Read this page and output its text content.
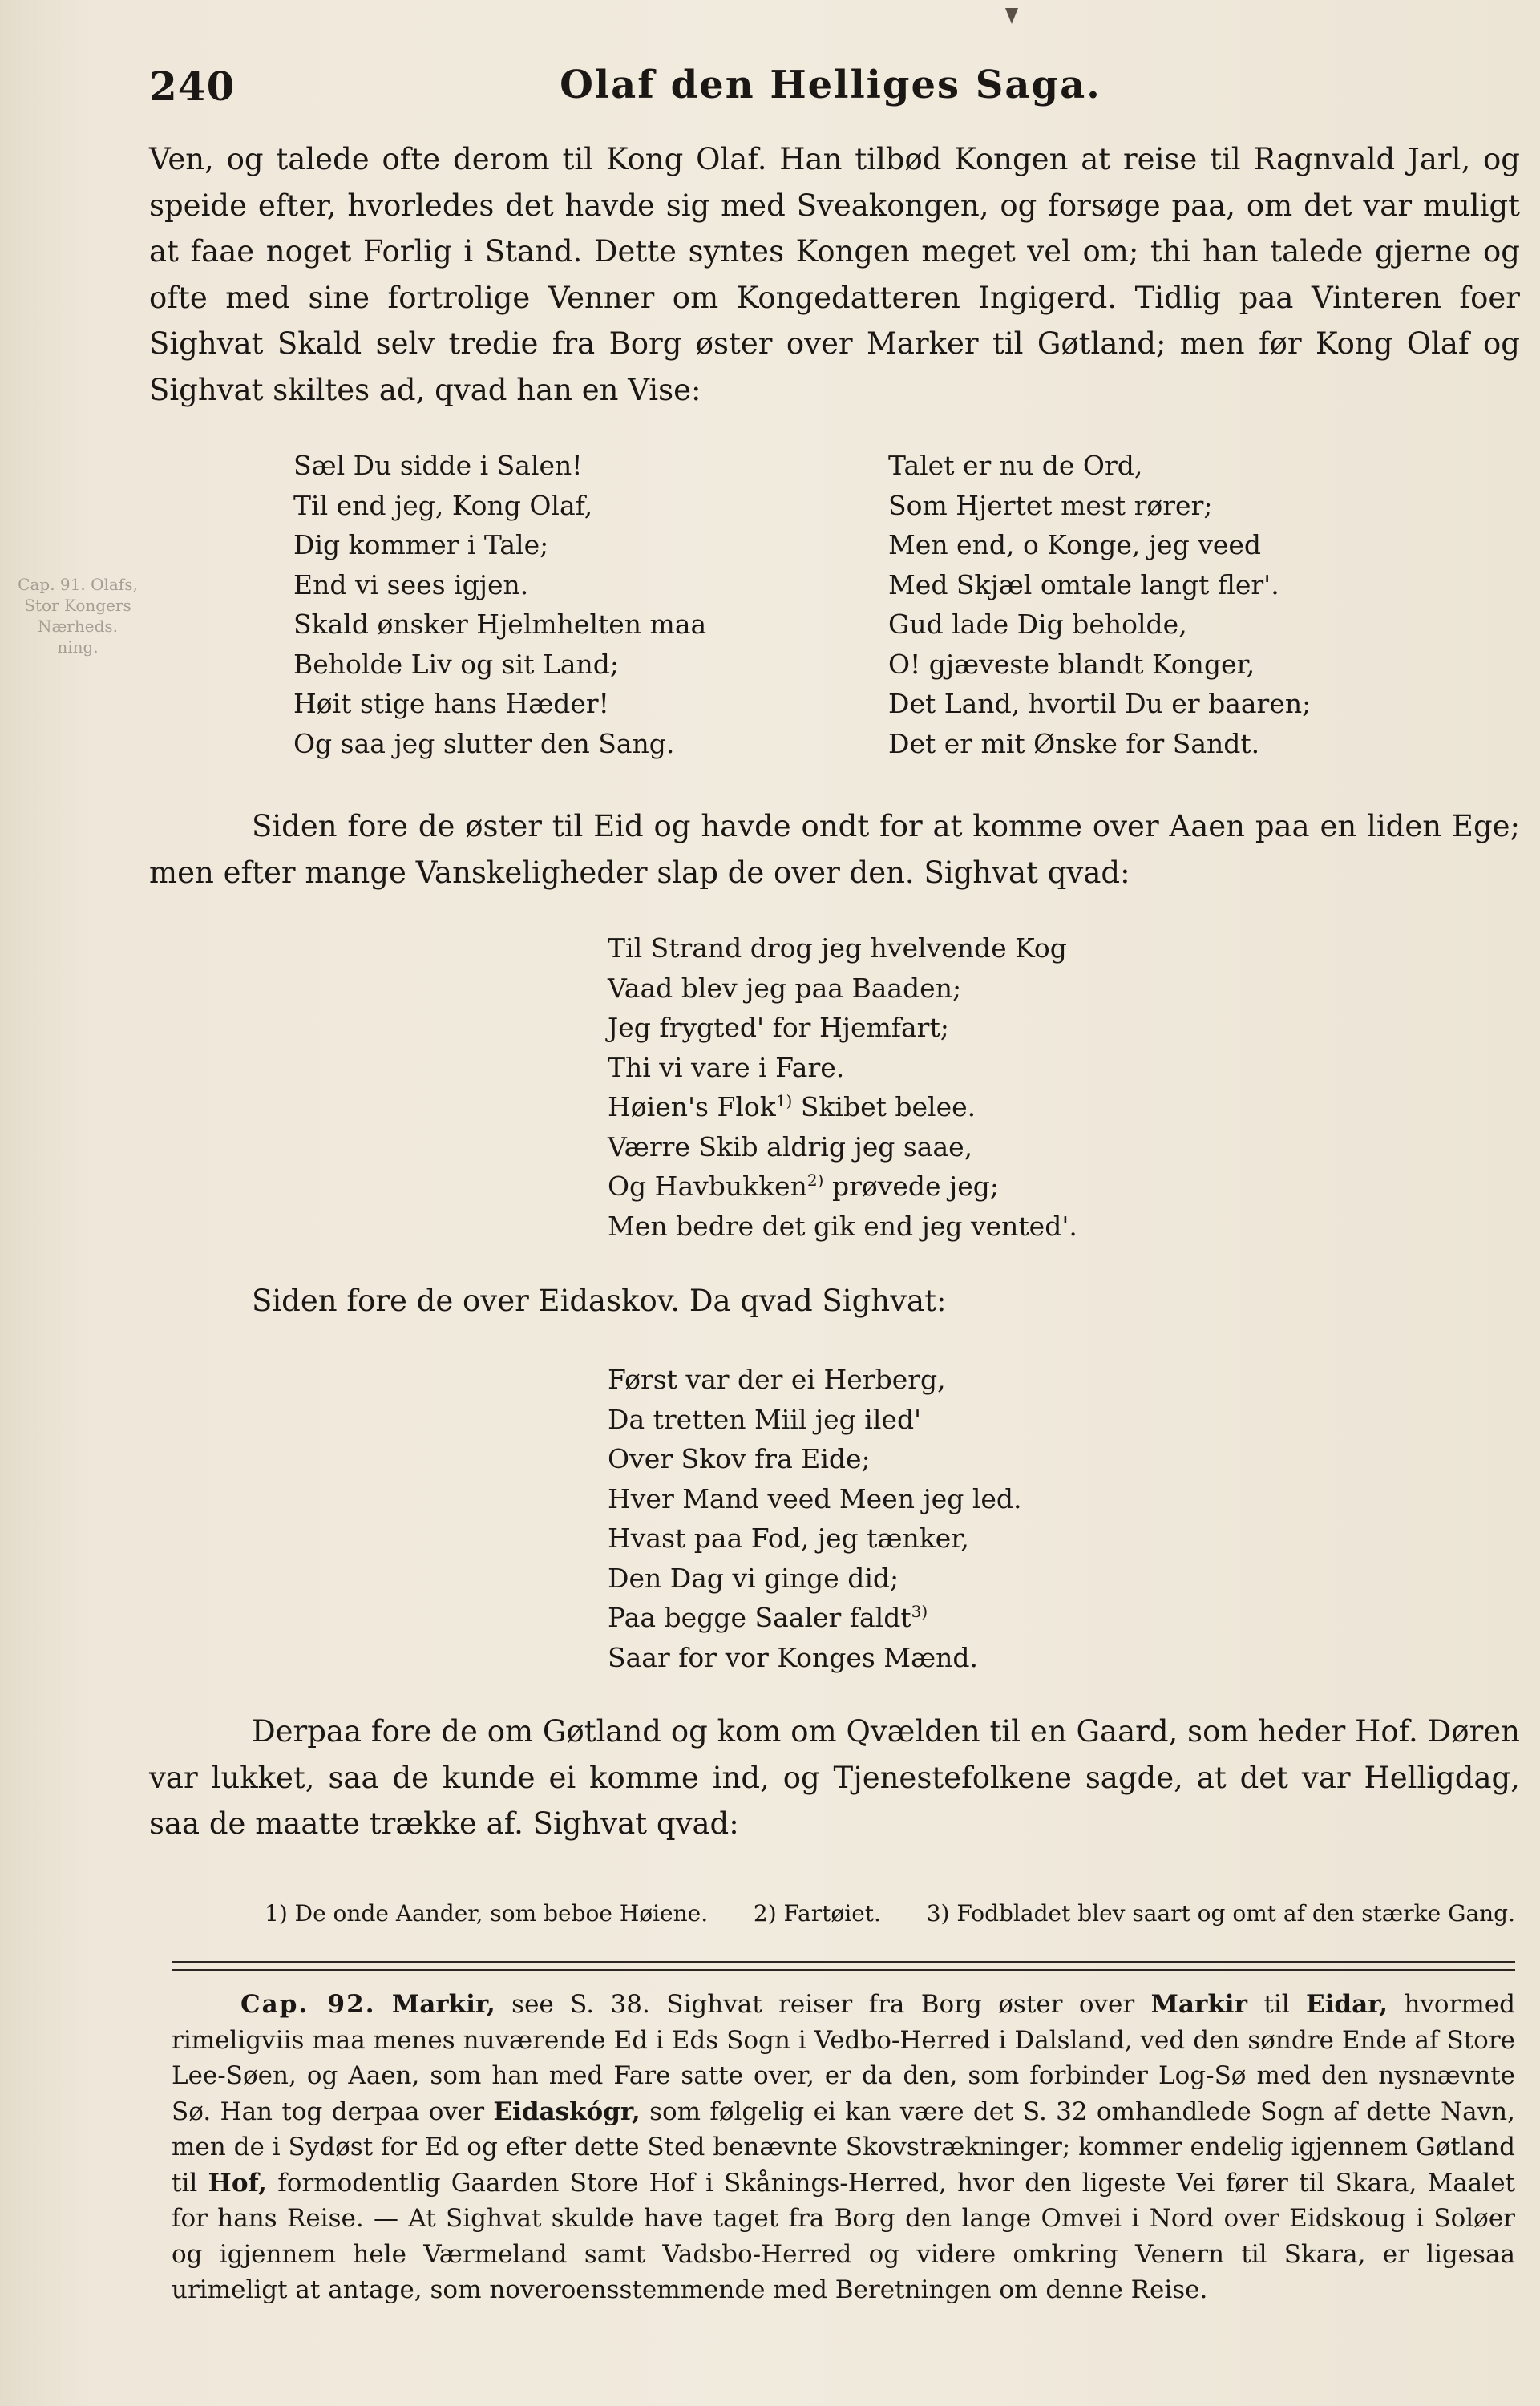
Cap. 91. Olafs, Stor Kongers Nærheds. ning.
240	Olaf den Helliges Saga.

Ven, og talede ofte derom til Kong Olaf. Han tilbød Kongen at reise til Ragnvald Jarl, og speide efter, hvorledes det havde sig med Sveakongen, og forsøge paa, om det var muligt at faae noget Forlig i Stand. Dette syntes Kongen meget vel om; thi han talede gjerne og ofte med sine fortrolige Venner om Kongedatteren Ingigerd. Tidlig paa Vinteren foer Sighvat Skald selv tredie fra Borg øster over Marker til Gøtland; men før Kong Olaf og Sighvat skiltes ad, qvad han en Vise:

Sæl Du sidde i Salen!
Til end jeg, Kong Olaf,
Dig kommer i Tale;
End vi sees igjen.
Skald ønsker Hjelmhelten maa
Beholde Liv og sit Land;
Høit stige hans Hæder!
Og saa jeg slutter den Sang.
Talet er nu de Ord,
Som Hjertet mest rører;
Men end, o Konge, jeg veed
Med Skjæl omtale langt fler'.
Gud lade Dig beholde,
O! gjæveste blandt Konger,
Det Land, hvortil Du er baaren;
Det er mit Ønske for Sandt.

Siden fore de øster til Eid og havde ondt for at komme over Aaen paa en liden Ege; men efter mange Vanskeligheder slap de over den. Sighvat qvad:

Til Strand drog jeg hvelvende Kog
Vaad blev jeg paa Baaden;
Jeg frygted' for Hjemfart;
Thi vi vare i Fare.
Høien's Flok$^{1)}$ Skibet belee.
Værre Skib aldrig jeg saae,
Og Havbukken$^{2)}$ prøvede jeg;
Men bedre det gik end jeg vented'.

Siden fore de over Eidaskov. Da qvad Sighvat:

Først var der ei Herberg,
Da tretten Miil jeg iled'
Over Skov fra Eide;
Hver Mand veed Meen jeg led.
Hvast paa Fod, jeg tænker,
Den Dag vi ginge did;
Paa begge Saaler faldt$^{3)}$
Saar for vor Konges Mænd.

Derpaa fore de om Gøtland og kom om Qvælden til en Gaard, som heder Hof. Døren var lukket, saa de kunde ei komme ind, og Tjenestefolkene sagde, at det var Helligdag, saa de maatte trække af. Sighvat qvad:

1) De onde Aander, som beboe Høiene. 2) Fartøiet. 3) Fodbladet blev saart og omt af den stærke Gang.

Cap. 92. Markir, see S. 38. Sighvat reiser fra Borg øster over Markir til Eidar, hvormed rimeligviis maa menes nuværende Ed i Eds Sogn i Vedbo-Herred i Dalsland, ved den søndre Ende af Store Lee-Søen, og Aaen, som han med Fare satte over, er da den, som forbinder Log-Sø med den nysnævnte Sø. Han tog derpaa over Eidaskógr, som følgelig ei kan være det S. 32 omhandlede Sogn af dette Navn, men de i Sydøst for Ed og efter dette Sted benævnte Skovstrækninger; kommer endelig igjennem Gøtland til Hof, formodentlig Gaarden Store Hof i Skånings-Herred, hvor den ligeste Vei fører til Skara, Maalet for hans Reise. — At Sighvat skulde have taget fra Borg den lange Omvei i Nord over Eidskoug i Soløer og igjennem hele Værmeland samt Vadsbo-Herred og videre omkring Venern til Skara, er ligesaa urimeligt at antage, som noveroensstemmende med Beretningen om denne Reise.
